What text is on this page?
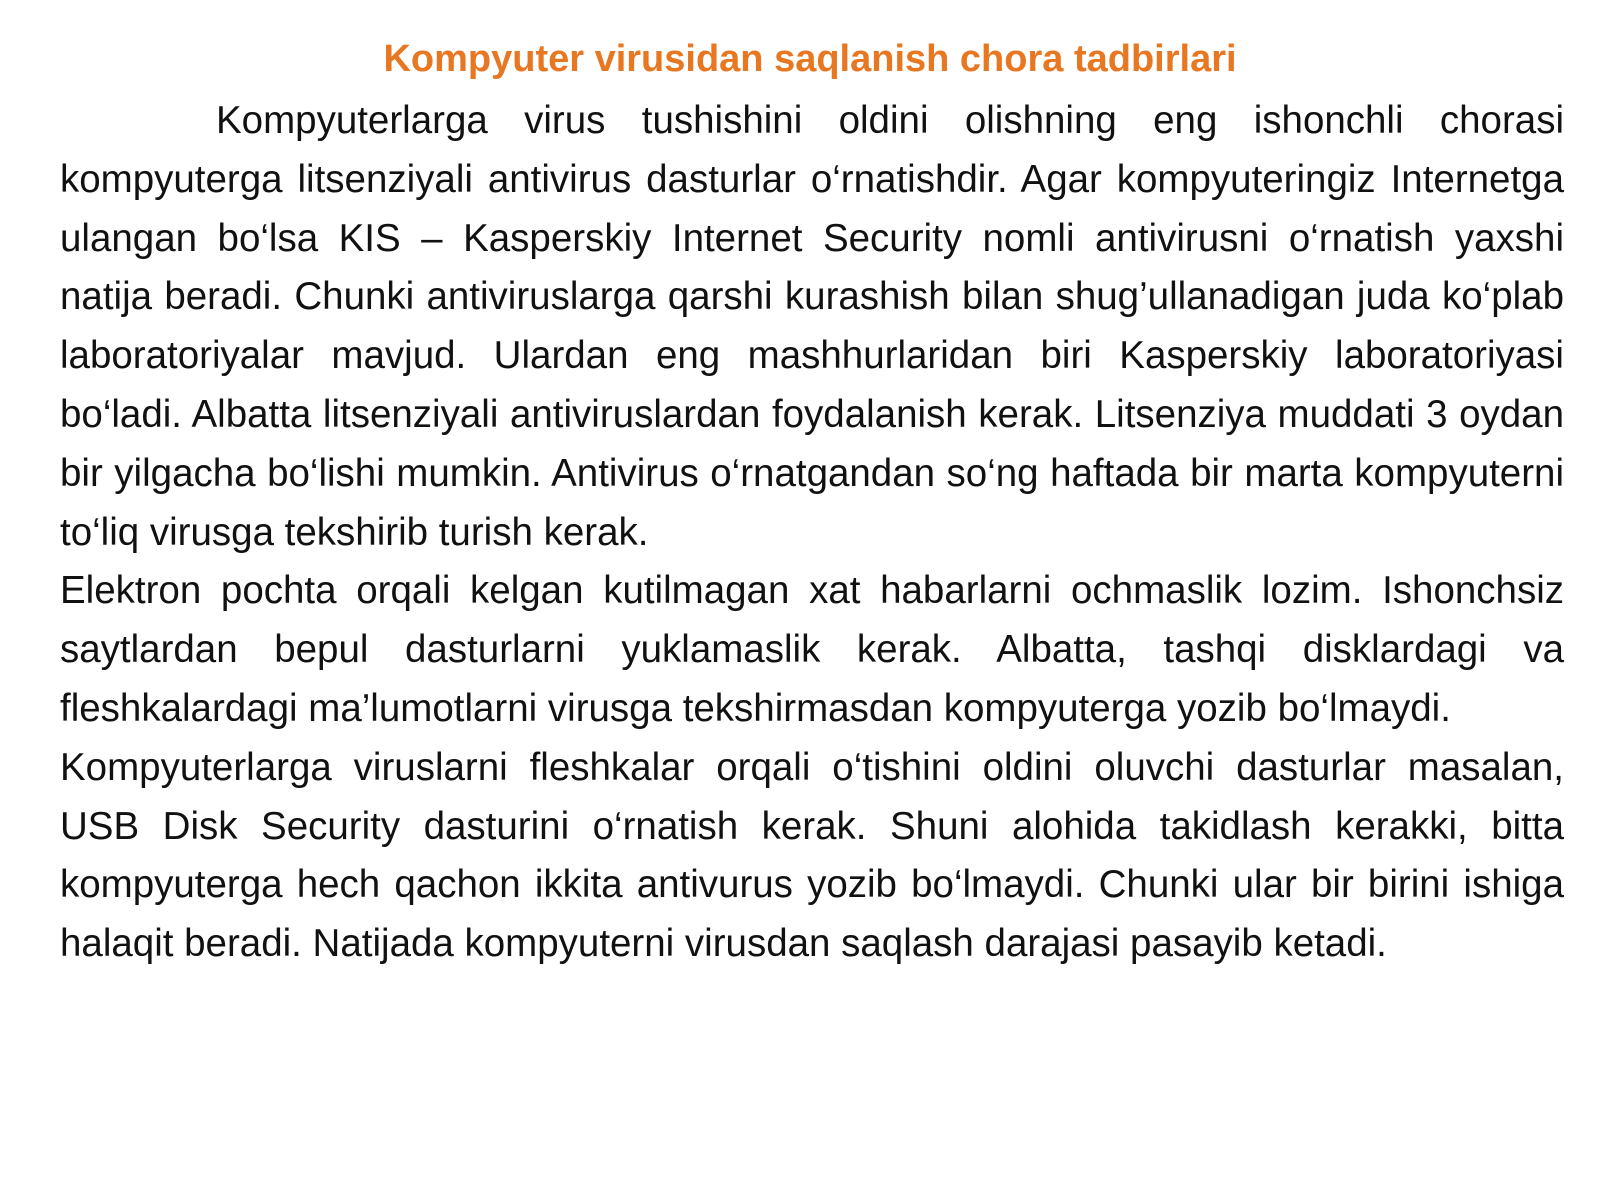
Kompyuter virusidan saqlanish chora tadbirlari

Kompyuterlarga virus tushishini oldini olishning eng ishonchli chorasi kompyuterga litsenziyali antivirus dasturlar o‘rnatishdir. Agar kompyuteringiz Internetga ulangan bo‘lsa KIS – Kasperskiy Internet Security nomli antivirusni o‘rnatish yaxshi natija beradi. Chunki antiviruslarga qarshi kurashish bilan shug’ullanadigan juda ko‘plab laboratoriyalar mavjud. Ulardan eng mashhurlaridan biri Kasperskiy laboratoriyasi bo‘ladi. Albatta litsenziyali antiviruslardan foydalanish kerak. Litsenziya muddati 3 oydan bir yilgacha bo‘lishi mumkin. Antivirus o‘rnatgandan so‘ng haftada bir marta kompyuterni to‘liq virusga tekshirib turish kerak.

Elektron pochta orqali kelgan kutilmagan xat habarlarni ochmaslik lozim. Ishonchsiz saytlardan bepul dasturlarni yuklamaslik kerak. Albatta, tashqi disklardagi va fleshkalardagi ma’lumotlarni virusga tekshirmasdan kompyuterga yozib bo‘lmaydi.

Kompyuterlarga viruslarni fleshkalar orqali o‘tishini oldini oluvchi dasturlar masalan, USB Disk Security dasturini o‘rnatish kerak. Shuni alohida takidlash kerakki, bitta kompyuterga hech qachon ikkita antivurus yozib bo‘lmaydi. Chunki ular bir birini ishiga halaqit beradi. Natijada kompyuterni virusdan saqlash darajasi pasayib ketadi.
